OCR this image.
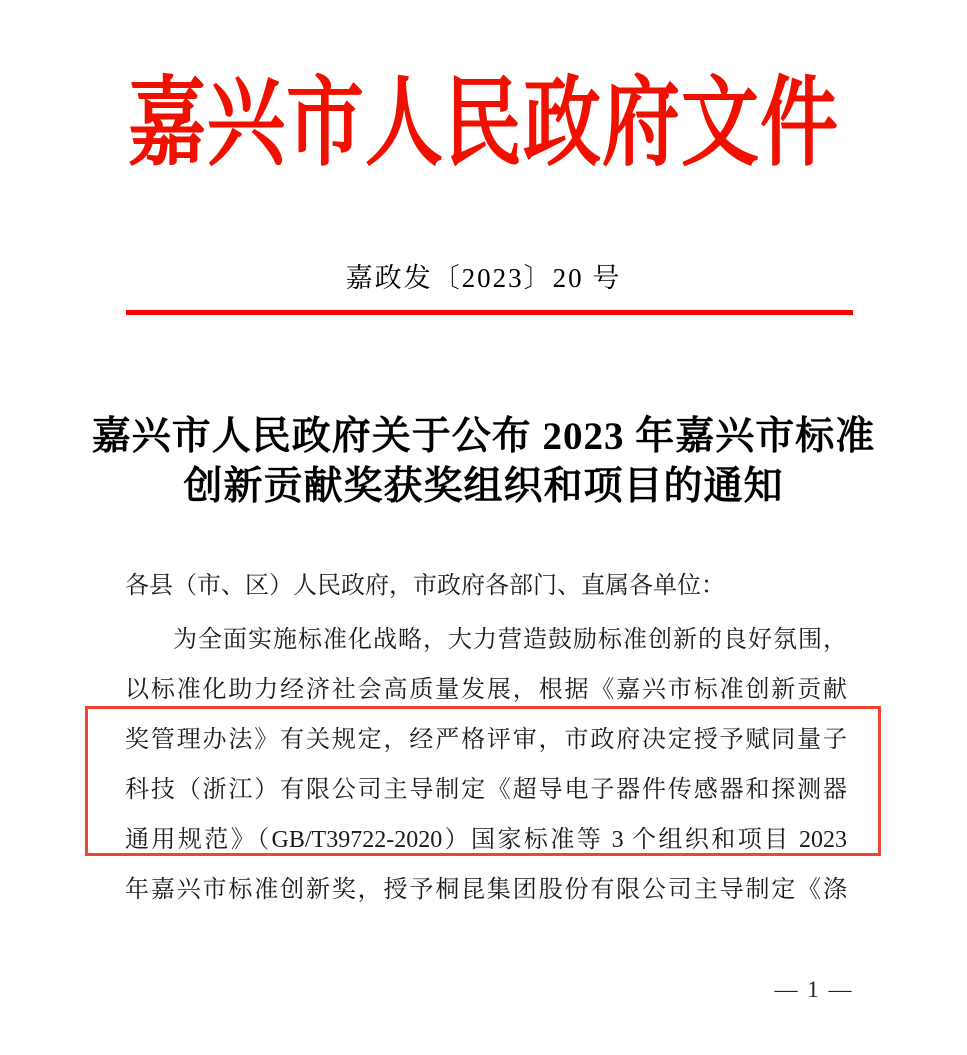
嘉兴市人民政府文件
嘉政发〔2023〕20 号
嘉兴市人民政府关于公布 2023 年嘉兴市标准
创新贡献奖获奖组织和项目的通知
各县（市、区）人民政府，市政府各部门、直属各单位：
为全面实施标准化战略，大力营造鼓励标准创新的良好氛围，
以标准化助力经济社会高质量发展，根据《嘉兴市标准创新贡献
奖管理办法》有关规定，经严格评审，市政府决定授予赋同量子
科技（浙江）有限公司主导制定《超导电子器件传感器和探测器
通用规范》（GB/T39722-2020）国家标准等 3 个组织和项目 2023
年嘉兴市标准创新奖，授予桐昆集团股份有限公司主导制定《涤
— 1 —
